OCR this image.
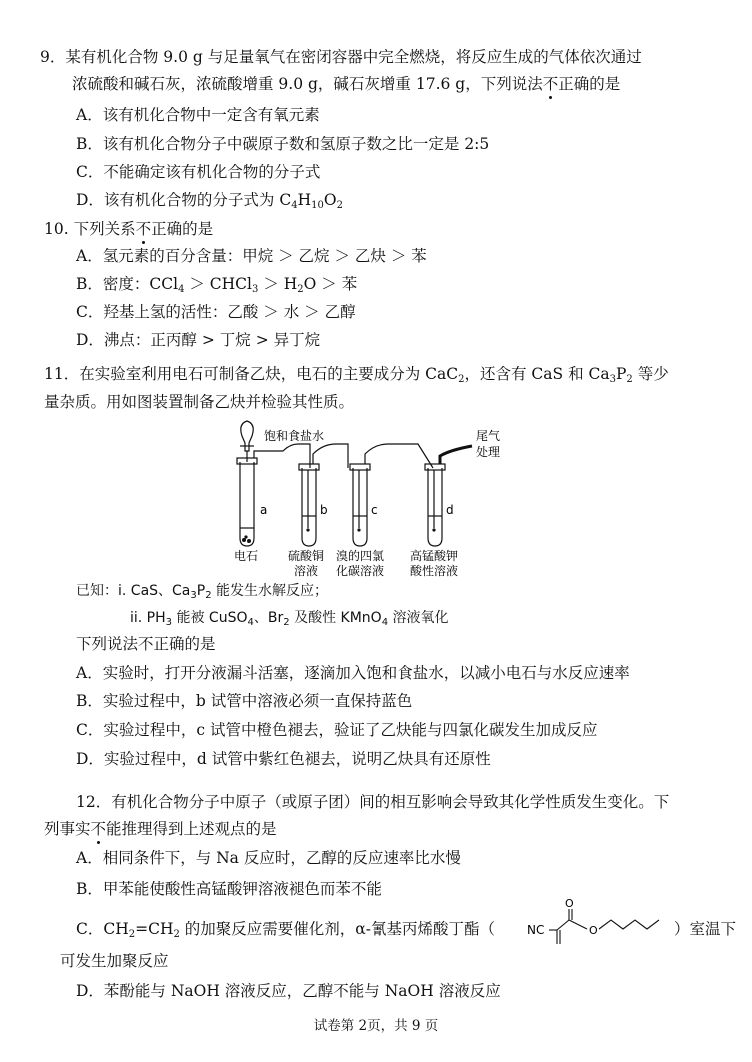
9．某有机化合物 9.0 g 与足量氧气在密闭容器中完全燃烧，将反应生成的气体依次通过
浓硫酸和碱石灰，浓硫酸增重 9.0 g，碱石灰增重 17.6 g，下列说法不正确的是
A．该有机化合物中一定含有氧元素
B．该有机化合物分子中碳原子数和氢原子数之比一定是 2:5
C．不能确定该有机化合物的分子式
D．该有机化合物的分子式为 $C_4H_{10}O_2$
10. 下列关系不正确的是
A．氢元素的百分含量：甲烷 ＞ 乙烷 ＞ 乙炔 ＞ 苯
B．密度：CCl$_4$ ＞ CHCl$_3$ ＞ $H_2O$ ＞ 苯
C．羟基上氢的活性：乙酸 ＞ 水 ＞ 乙醇
D．沸点：正丙醇 > 丁烷 > 异丁烷
11．在实验室利用电石可制备乙炔，电石的主要成分为 CaC$_2$，还含有 CaS 和 $Ca_3P_2$ 等少
量杂质。用如图装置制备乙炔并检验其性质。
饱和食盐水	尾气
处理
a	b	c	d
电石 硫酸铜
溶液
溴的四氯
化碳溶液
高锰酸钾
酸性溶液
已知：i. CaS、$Ca_3P_2$ 能发生水解反应；
ii. $PH_3$ 能被 CuSO$_4$、$Br_2$ 及酸性 KMnO$_4$ 溶液氧化
下列说法不正确的是
A．实验时，打开分液漏斗活塞，逐滴加入饱和食盐水，以减小电石与水反应速率
B．实验过程中，b 试管中溶液必须一直保持蓝色
C．实验过程中，c 试管中橙色褪去，验证了乙炔能与四氯化碳发生加成反应
D．实验过程中，d 试管中紫红色褪去，说明乙炔具有还原性
12．有机化合物分子中原子（或原子团）间的相互影响会导致其化学性质发生变化。下
列事实不能推理得到上述观点的是
A．相同条件下，与 Na 反应时，乙醇的反应速率比水慢
B．甲苯能使酸性高锰酸钾溶液褪色而苯不能
C．$CH_2=CH_2$ 的加聚反应需要催化剂，α-氰基丙烯酸丁酯（	NC
O
O	）室温下
可发生加聚反应
D．苯酚能与 NaOH 溶液反应，乙醇不能与 NaOH 溶液反应
试卷第 2页，共 9 页
